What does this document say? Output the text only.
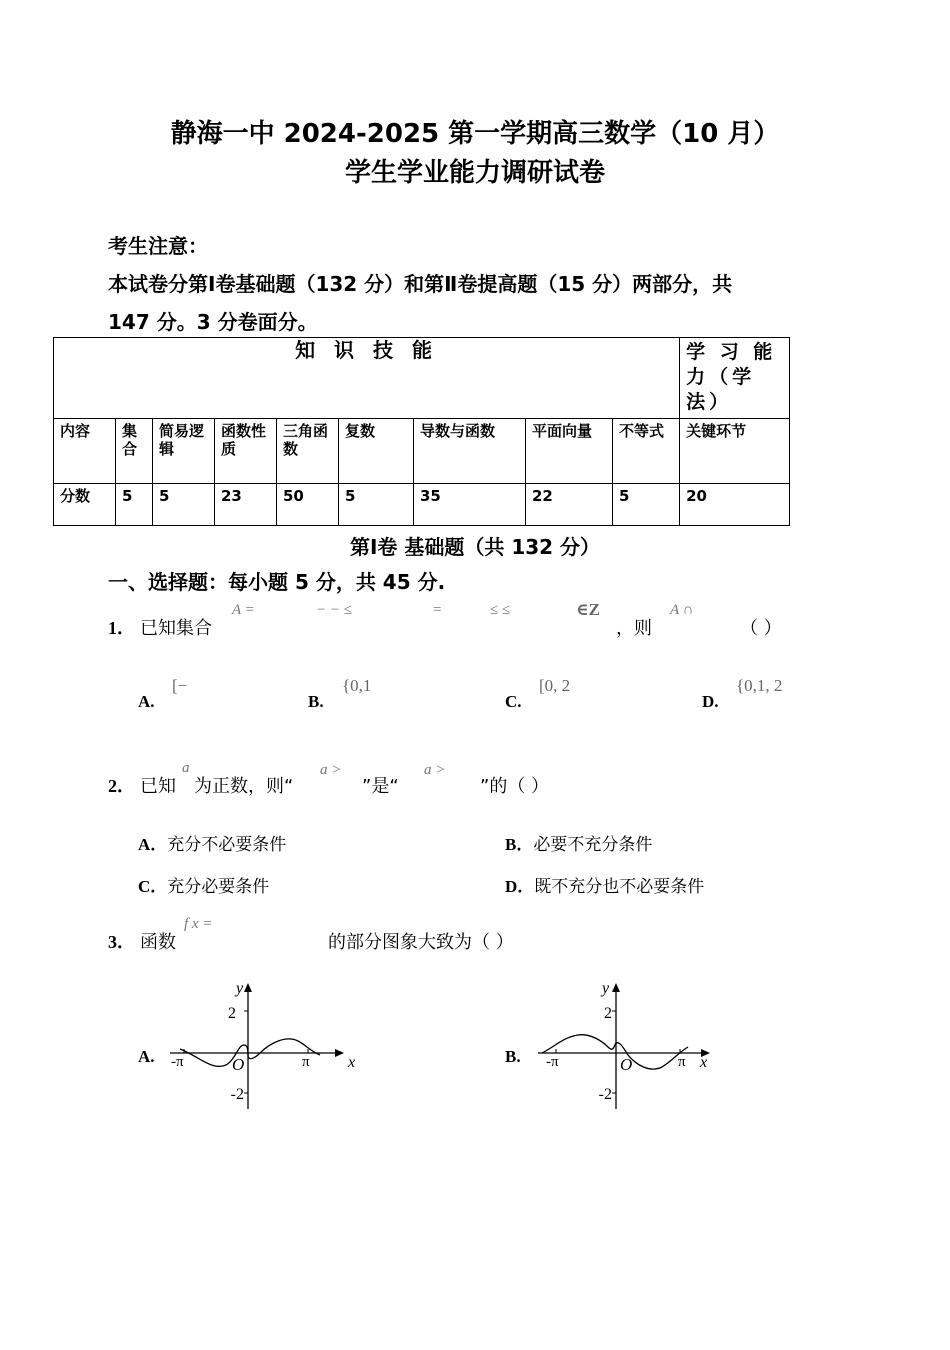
静海一中 2024-2025 第一学期高三数学（10 月）
学生学业能力调研试卷
考生注意：
本试卷分第Ⅰ卷基础题（132 分）和第Ⅱ卷提高题（15 分）两部分，共
147 分。3 分卷面分。
知 识 技 能									学 习 能 力（学 法）
内容	集合	简易逻辑	函数性质	三角函数	复数	导数与函数	平面向量	不等式	关键环节
分数	5	5	23	50	5	35	22	5	20
第Ⅰ卷 基础题（共 132 分）
一、选择题：每小题 5 分，共 45 分.
1． 已知集合
A =	− − ≤	=	≤ ≤	∈Z
，则
A ∩
（ ）
A.
[−
B.
{0,1
C.
[0, 2
D.
{0,1, 2
2． 已知
a
为正数，则“
a >
”是“
a >
”的（ ）
A．充分不必要条件	B．必要不充分条件
C．充分必要条件	D．既不充分也不必要条件
3． 函数
f x =
的部分图象大致为（ ）
A.
y
x
2
-2
-π	π
O	B.
y
x
2
-2
-π	π
O
